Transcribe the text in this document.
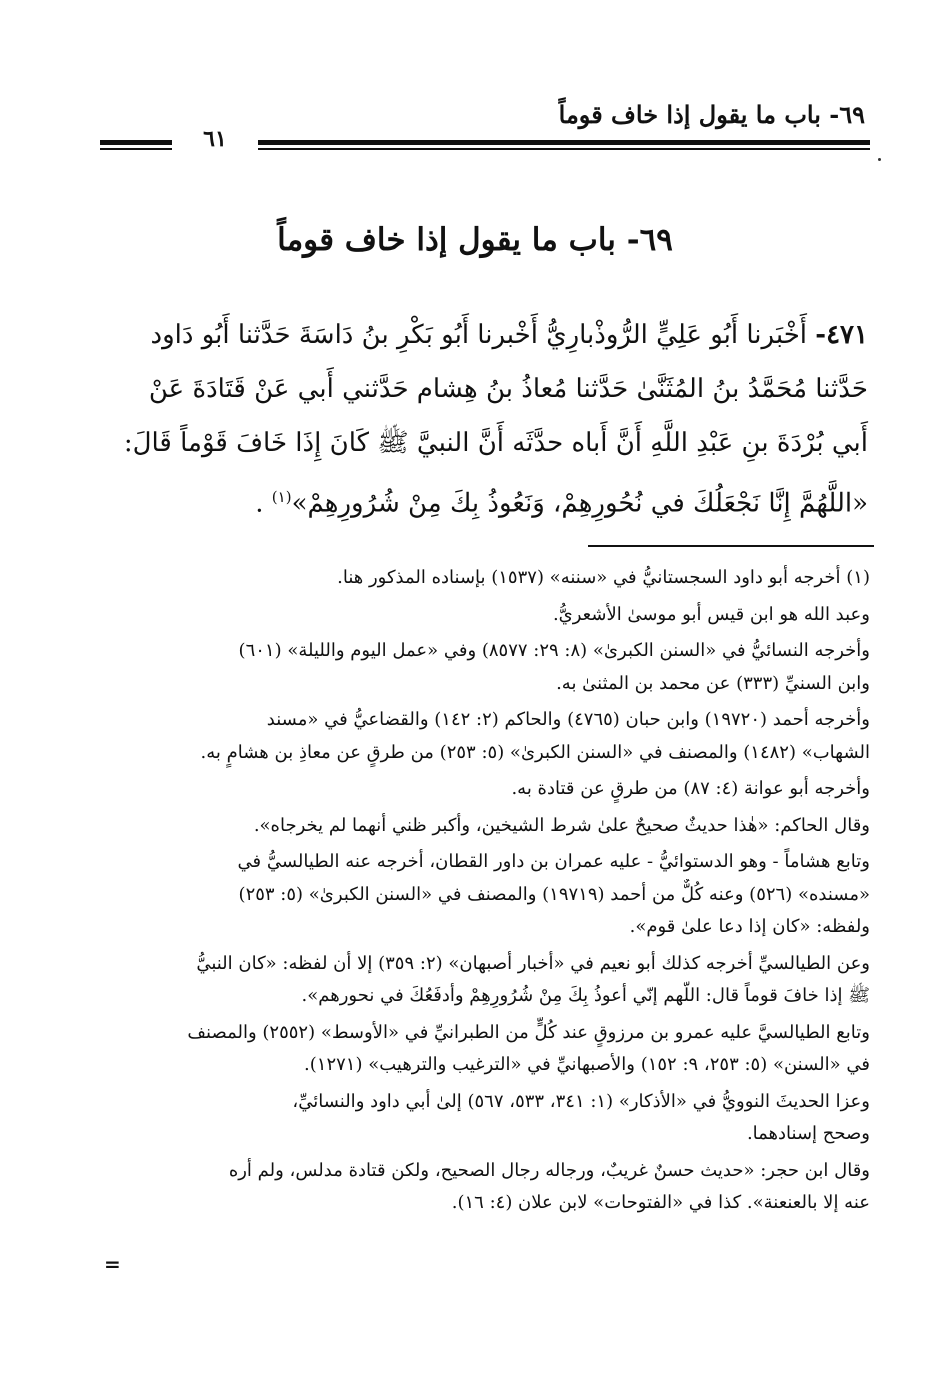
٦٩- باب ما يقول إذا خاف قوماً
٦١
٦٩- باب ما يقول إذا خاف قوماً
٤٧١- أَخْبَرنا أَبُو عَلِيٍّ الرُّوذْبارِيُّ أَخْبرنا أَبُو بَكْرِ بنُ دَاسَةَ حَدَّثنا أَبُو دَاود
حَدَّثنا مُحَمَّدُ بنُ المُثَنَّىٰ حَدَّثنا مُعاذُ بنُ هِشام حَدَّثني أَبي عَنْ قَتَادَةَ عَنْ
أَبي بُرْدَةَ بنِ عَبْدِ اللَّهِ أَنَّ أَباه حدَّثَه أَنَّ النبيَّ ﷺ كَانَ إِذَا خَافَ قَوْماً قَالَ:
«اللَّهُمَّ إِنَّا نَجْعَلُكَ في نُحُورِهِمْ، وَنَعُوذُ بِكَ مِنْ شُرُورِهِمْ»$^{(١)}$ .
(١) أخرجه أبو داود السجستانيُّ في «سننه» (١٥٣٧) بإسناده المذكور هنا.
وعبد الله هو ابن قيس أبو موسىٰ الأشعريُّ.
وأخرجه النسائيُّ في «السنن الكبرىٰ» (٨: ٢٩: ٨٥٧٧) وفي «عمل اليوم والليلة» (٦٠١)
وابن السنيِّ (٣٣٣) عن محمد بن المثنىٰ به.
وأخرجه أحمد (١٩٧٢٠) وابن حبان (٤٧٦٥) والحاكم (٢: ١٤٢) والقضاعيُّ في «مسند
الشهاب» (١٤٨٢) والمصنف في «السنن الكبرىٰ» (٥: ٢٥٣) من طرقٍ عن معاذِ بن هشامٍ به.
وأخرجه أبو عوانة (٤: ٨٧) من طرقٍ عن قتادة به.
وقال الحاكم: «هٰذا حديثٌ صحيحٌ علىٰ شرط الشيخين، وأكبر ظني أنهما لم يخرجاه».
وتابع هشاماً - وهو الدستوائيُّ - عليه عمران بن داور القطان، أخرجه عنه الطيالسيُّ في
«مسنده» (٥٢٦) وعنه كُلٌّ من أحمد (١٩٧١٩) والمصنف في «السنن الكبرىٰ» (٥: ٢٥٣)
ولفظه: «كان إذا دعا علىٰ قوم».
وعن الطيالسيِّ أخرجه كذلك أبو نعيم في «أخبار أصبهان» (٢: ٣٥٩) إلا أن لفظه: «كان النبيُّ
ﷺ إذا خافَ قوماً قال: اللّهم إنّي أعوذُ بِكَ مِنْ شُرُورِهِمْ وأدفَعُكَ في نحورهم».
وتابع الطيالسيَّ عليه عمرو بن مرزوقٍ عند كُلٍّ من الطبرانيِّ في «الأوسط» (٢٥٥٢) والمصنف
في «السنن» (٥: ٢٥٣، ٩: ١٥٢) والأصبهانيِّ في «الترغيب والترهيب» (١٢٧١).
وعزا الحديثَ النوويُّ في «الأذكار» (١: ٣٤١، ٥٣٣، ٥٦٧) إلىٰ أبي داود والنسائيِّ،
وصحح إسنادهما.
وقال ابن حجر: «حديث حسنٌ غريبٌ، ورجاله رجال الصحيح، ولكن قتادة مدلس، ولم أره
عنه إلا بالعنعنة». كذا في «الفتوحات» لابن علان (٤: ١٦).
=
